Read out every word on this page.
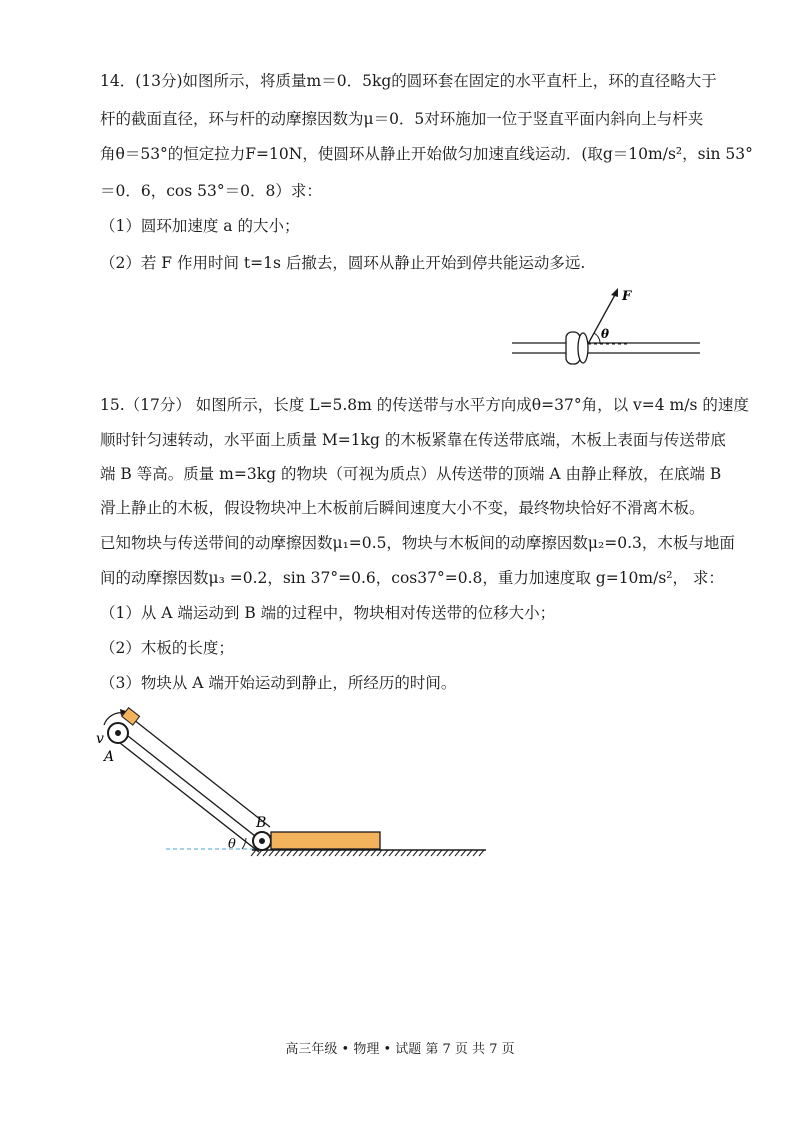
14．(13分)如图所示，将质量m＝0．5kg的圆环套在固定的水平直杆上，环的直径略大于
杆的截面直径，环与杆的动摩擦因数为μ＝0．5对环施加一位于竖直平面内斜向上与杆夹
角θ＝53°的恒定拉力F=10N，使圆环从静止开始做匀加速直线运动．(取g＝10m/s²，sin 53°
＝0．6，cos 53°＝0．8）求：
（1）圆环加速度 a 的大小；
（2）若 F 作用时间 t=1s 后撤去，圆环从静止开始到停共能运动多远.
F
θ
15.（17分） 如图所示，长度 L=5.8m 的传送带与水平方向成θ=37°角，以 v=4 m/s 的速度
顺时针匀速转动，水平面上质量 M=1kg 的木板紧靠在传送带底端，木板上表面与传送带底
端 B 等高。质量 m=3kg 的物块（可视为质点）从传送带的顶端 A 由静止释放，在底端 B
滑上静止的木板，假设物块冲上木板前后瞬间速度大小不变，最终物块恰好不滑离木板。
已知物块与传送带间的动摩擦因数μ₁=0.5，物块与木板间的动摩擦因数μ₂=0.3，木板与地面
间的动摩擦因数μ₃ =0.2，sin 37°=0.6，cos37°=0.8，重力加速度取 g=10m/s²， 求：
（1）从 A 端运动到 B 端的过程中，物块相对传送带的位移大小；
（2）木板的长度；
（3）物块从 A 端开始运动到静止，所经历的时间。
v
A
B
θ
高三年级 • 物理 • 试题 第 7 页 共 7 页
